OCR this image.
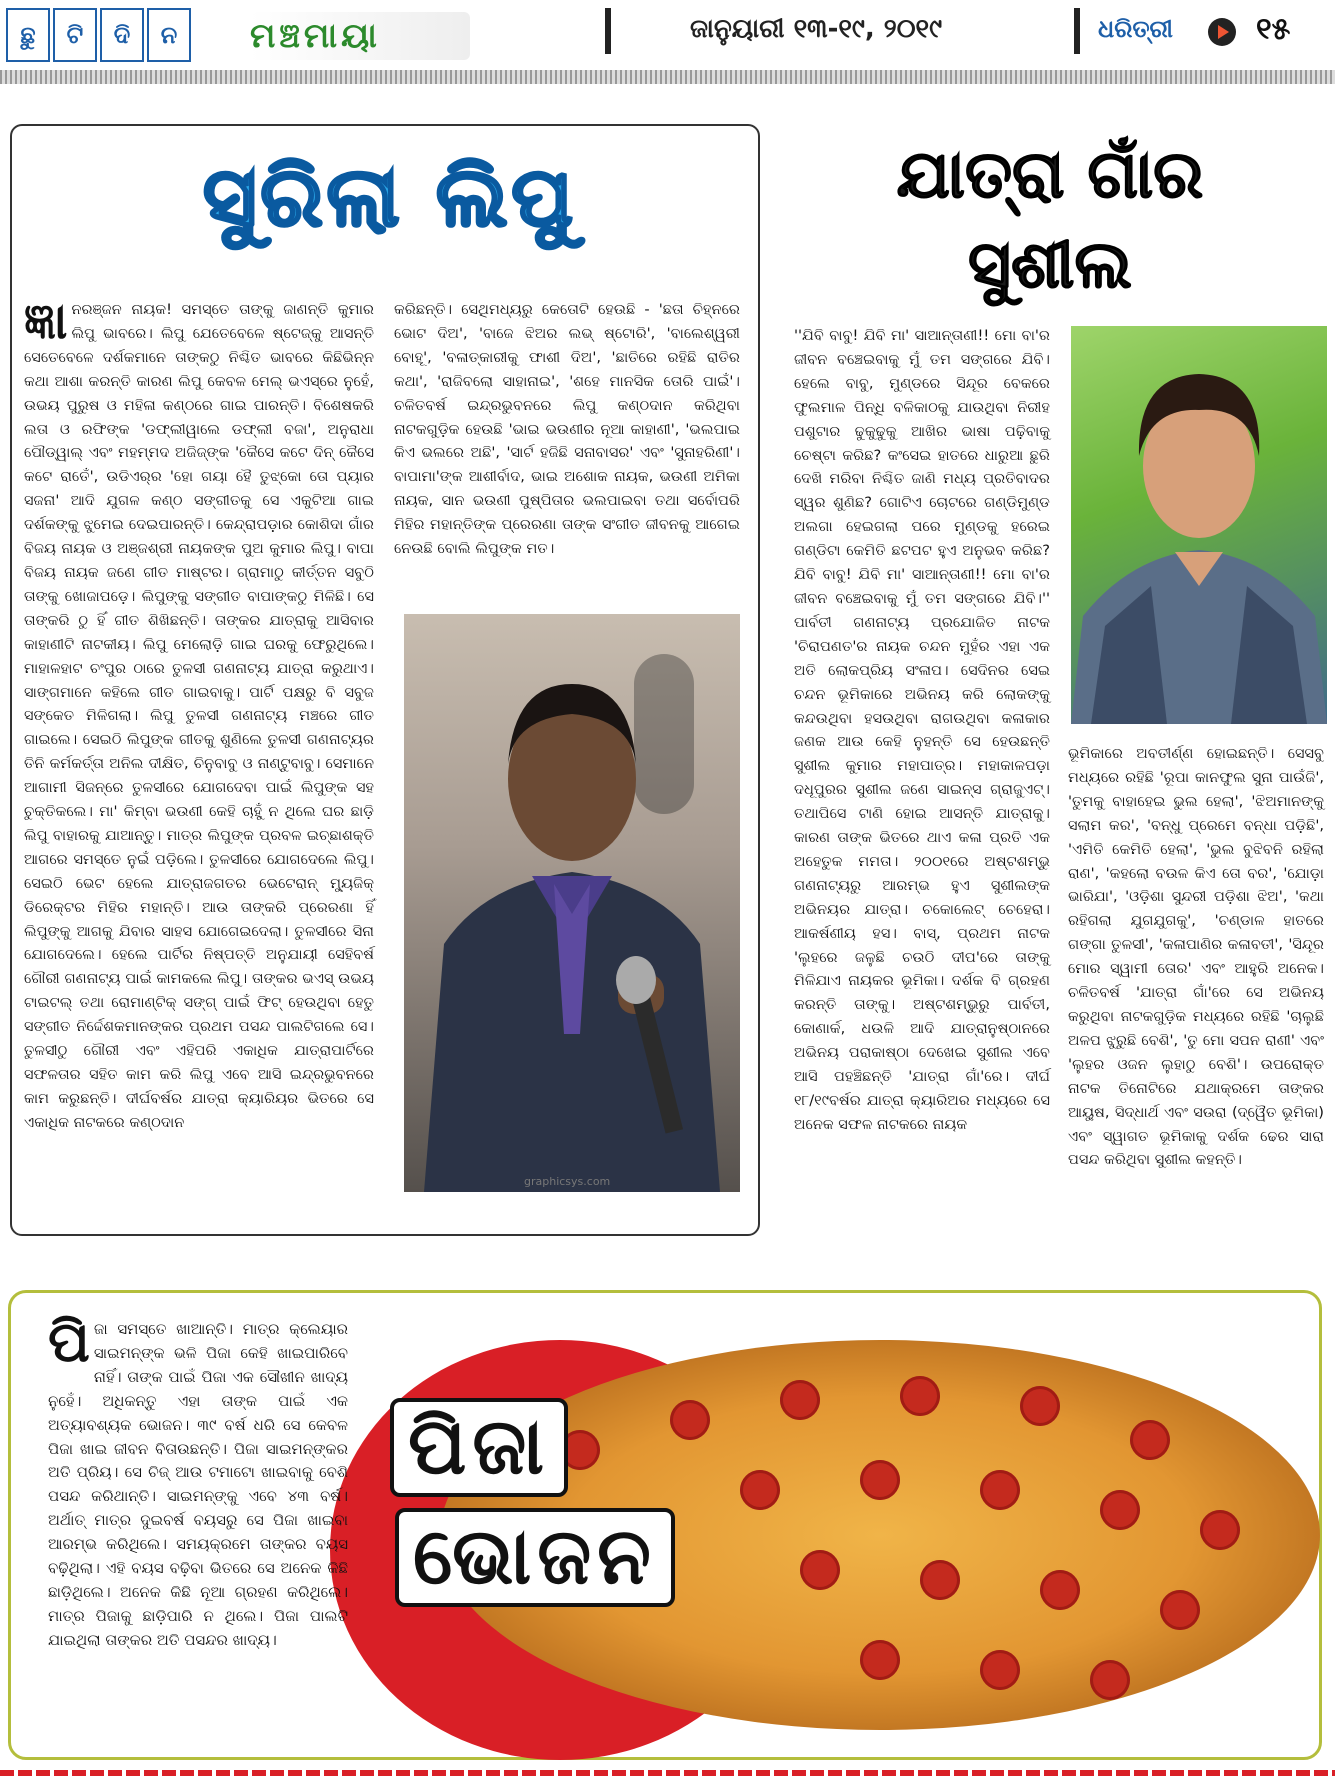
ଛୁ	ଟି	ଦି	ନ	ମଞ୍ଚମାୟା	ଜାନୁୟାରୀ ୧୩-୧୯, ୨୦୧୯	ଧରିତ୍ରୀ	୧୫
ସୁରିଲା ଲିପୁ
ଜ୍ଞା ନରଞ୍ଜନ ନାୟକ! ସମସ୍ତେ ତାଙ୍କୁ ଜାଣନ୍ତି କୁମାର ଲିପୁ ଭାବରେ। ଲିପୁ ଯେତେବେଳେ ଷ୍ଟେଜ୍‌କୁ ଆସନ୍ତି ସେତେବେଳେ ଦର୍ଶକମାନେ ତାଙ୍କଠୁ ନିଶ୍ଚିତ ଭାବରେ କିଛିଭିନ୍ନ କଥା ଆଶା କରନ୍ତି କାରଣ ଲିପୁ କେବଳ ମେଲ୍ ଭଏସ୍‌ରେ ନୁହେଁ, ଉଭୟ ପୁରୁଷ ଓ ମହିଳା କଣ୍ଠରେ ଗାଇ ପାରନ୍ତି। ବିଶେଷକରି ଲତା ଓ ରଫିଙ୍କ 'ଡଫ୍‌ଲୀୱାଲେ ଡଫ୍‌ଲୀ ବଜା', ଅନୁରାଧା ପୌଡ୍‌ୱାଲ୍ ଏବଂ ମହମ୍ମଦ ଅଜିଜ୍‌ଙ୍କ 'କୈସେ କଟେ ଦିନ୍ କୈସେ କଟେ ରାତେଁ', ଉଡିଏର୍‌ର 'ହୋ ଗୟା ହୈ ତୁଝ୍‌କୋ ତୋ ପ୍ୟାର ସଜନା' ଆଦି ଯୁଗଳ କଣ୍ଠ ସଙ୍ଗୀତକୁ ସେ ଏକୁଟିଆ ଗାଇ ଦର୍ଶକଙ୍କୁ ଝୁମେଇ ଦେଇପାରନ୍ତି। କେନ୍ଦ୍ରାପଡ଼ାର କୋଶିଦା ଗାଁର ବିଜୟ ନାୟକ ଓ ଅଞ୍ଜଶ୍ରୀ ନାୟକଙ୍କ ପୁଅ କୁମାର ଲିପୁ। ବାପା ବିଜୟ ନାୟକ ଜଣେ ଗୀତ ମାଷ୍ଟର। ଗ୍ରାମାଠୁ କୀର୍ତ୍ତନ ସବୁଠି ତାଙ୍କୁ ଖୋଜାପଡ଼େ। ଲିପୁଙ୍କୁ ସଙ୍ଗୀତ ବାପାଙ୍କଠୁ ମିଳିଛି। ସେ ତାଙ୍କରି ଠୁ ହିଁ ଗୀତ ଶିଖିଛନ୍ତି। ତାଙ୍କର ଯାତ୍ରାକୁ ଆସିବାର କାହାଣୀଟି ନାଟକୀୟ। ଲିପୁ ମେଲୋଡ଼ି ଗାଇ ଘରକୁ ଫେରୁଥିଲେ। ମାହାଳହାଟ ଚଂପୁର ଠାରେ ତୁଳସୀ ଗଣନାଟ୍ୟ ଯାତ୍ରା କରୁଥାଏ। ସାଙ୍ଗମାନେ କହିଲେ ଗୀତ ଗାଇବାକୁ। ପାର୍ଟି ପକ୍ଷରୁ ବି ସବୁଜ ସଙ୍କେତ ମିଳିଗଲା। ଲିପୁ ତୁଳସୀ ଗଣନାଟ୍ୟ ମଞ୍ଚରେ ଗୀତ ଗାଇଲେ। ସେଇଠି ଲିପୁଙ୍କ ଗୀତକୁ ଶୁଣିଲେ ତୁଳସୀ ଗଣନାଟ୍ୟର ତିନି କର୍ମକର୍ତ୍ତା ଅନିଲ ଦୀକ୍ଷିତ, ଚିନୁବାବୁ ଓ ନାଣ୍ଟୁବାବୁ। ସେମାନେ ଆଗାମୀ ସିଜନ୍‌ରେ ତୁଳସୀରେ ଯୋଗଦେବା ପାଇଁ ଲିପୁଙ୍କ ସହ ଚୁକ୍ତିକଲେ। ମା' କିମ୍ବା ଭଉଣୀ କେହି ଚାହୁଁ ନ ଥିଲେ ଘର ଛାଡ଼ି ଲିପୁ ବାହାରକୁ ଯାଆନ୍ତୁ। ମାତ୍ର ଲିପୁଙ୍କ ପ୍ରବଳ ଇଚ୍ଛାଶକ୍ତି ଆଗରେ ସମସ୍ତେ ନୁଇଁ ପଡ଼ିଲେ। ତୁଳସୀରେ ଯୋଗଦେଲେ ଲିପୁ। ସେଇଠି ଭେଟ ହେଲେ ଯାତ୍ରାଜଗତର ଭେଟେରାନ୍ ମ୍ୟୁଜିକ୍ ଡିରେକ୍ଟର ମିହିର ମହାନ୍ତି। ଆଉ ତାଙ୍କରି ପ୍ରେରଣା ହିଁ ଲିପୁଙ୍କୁ ଆଗକୁ ଯିବାର ସାହସ ଯୋଗେଇଦେଲା। ତୁଳସୀରେ ସିନା ଯୋଗଦେଲେ। ହେଲେ ପାର୍ଟିର ନିଷ୍ପତ୍ତି ଅନୁଯାୟୀ ସେହିବର୍ଷ ଗୌରୀ ଗଣନାଟ୍ୟ ପାଇଁ କାମକଲେ ଲିପୁ। ତାଙ୍କର ଭଏସ୍ ଉଭୟ ଟାଇଟଲ୍ ତଥା ରୋମାଣ୍ଟିକ୍ ସଙ୍ଗ୍ ପାଇଁ ଫିଟ୍ ହେଉଥିବା ହେତୁ ସଙ୍ଗୀତ ନିର୍ଦ୍ଦେଶକମାନଙ୍କର ପ୍ରଥମ ପସନ୍ଦ ପାଲଟିଗଲେ ସେ। ତୁଳସୀଠୁ ଗୌରୀ ଏବଂ ଏହିପରି ଏକାଧିକ ଯାତ୍ରାପାର୍ଟିରେ ସଫଳତାର ସହିତ କାମ କରି ଲିପୁ ଏବେ ଆସି ଇନ୍ଦ୍ରଭୁବନରେ କାମ କରୁଛନ୍ତି। ଦୀର୍ଘବର୍ଷର ଯାତ୍ରା କ୍ୟାରିୟର ଭିତରେ ସେ ଏକାଧିକ ନାଟକରେ କଣ୍ଠଦାନ
କରିଛନ୍ତି। ସେଥିମଧ୍ୟରୁ କେତୋଟି ହେଉଛି - 'ଛତା ଚିହ୍ନରେ ଭୋଟ ଦିଅ', 'ବାଜେ ଝିଅର ଲଭ୍ ଷ୍ଟୋରି', 'ବାଲେଶ୍ୱରୀ ବୋହୂ', 'ବଳାତ୍କାରୀକୁ ଫାଶୀ ଦିଅ', 'ଛାତିରେ ରହିଛି ରାତିର କଥା', 'ରାଜିବଲୋ ସାହାନାଇ', 'ଶହେ ମାନସିକ ତୋରି ପାଇଁ'। ଚଳିତବର୍ଷ ଇନ୍ଦ୍ରଭୁବନରେ ଲିପୁ କଣ୍ଠଦାନ କରିଥିବା ନାଟକଗୁଡ଼ିକ ହେଉଛି 'ଭାଇ ଭଉଣୀର ନୂଆ କାହାଣୀ', 'ଭଲପାଇ କିଏ ଭଲରେ ଅଛି', 'ସାର୍ଟ ହଜିଛି ସନାବାସର' ଏବଂ 'ସୁନାହରିଣୀ'। ବାପାମା'ଙ୍କ ଆଶୀର୍ବାଦ, ଭାଇ ଅଶୋକ ନାୟକ, ଭଉଣୀ ଅମିକା ନାୟକ, ସାନ ଭଉଣୀ ପୁଷ୍ପିତାର ଭଲପାଇବା ତଥା ସର୍ବୋପରି ମିହିର ମହାନ୍ତିଙ୍କ ପ୍ରେରଣା ତାଙ୍କ ସଂଗୀତ ଜୀବନକୁ ଆଗେଇ ନେଉଛି ବୋଲି ଲିପୁଙ୍କ ମତ।
graphicsys.com
ଯାତ୍ରା ଗାଁର
ସୁଶୀଲ
''ଯିବି ବାବୁ! ଯିବି ମା' ସାଆନ୍ତାଣୀ!! ମୋ ବା'ର ଜୀବନ ବଞ୍ଚେଇବାକୁ ମୁଁ ତମ ସଙ୍ଗରେ ଯିବି। ହେଲେ ବାବୁ, ମୁଣ୍ଡରେ ସିନ୍ଦୂର ବେକରେ ଫୁଲମାଳ ପିନ୍ଧି ବଳିକାଠକୁ ଯାଉଥିବା ନିରୀହ ପଶୁଟାର ଢୁକୁଢୁକୁ ଆଖିର ଭାଷା ପଢ଼ିବାକୁ ଚେଷ୍ଟା କରିଛ? କଂସେଇ ହାତରେ ଧାରୁଆ ଛୁରି ଦେଖି ମରିବା ନିଶ୍ଚିତ ଜାଣି ମଧ୍ୟ ପ୍ରତିବାଦର ସ୍ୱର ଶୁଣିଛ? ଗୋଟିଏ ଚୋଟରେ ଗଣ୍ଡିମୁଣ୍ଡ ଅଲଗା ହେଇଗଲା ପରେ ମୁଣ୍ଡକୁ ହରେଇ ଗଣ୍ଡିଟା କେମିତି ଛଟପଟ ହୁଏ ଅନୁଭବ କରିଛ? ଯିବି ବାବୁ! ଯିବି ମା' ସାଆନ୍ତାଣୀ!! ମୋ ବା'ର ଜୀବନ ବଞ୍ଚେଇବାକୁ ମୁଁ ତମ ସଙ୍ଗରେ ଯିବି।'' ପାର୍ବତୀ ଗଣନାଟ୍ୟ ପ୍ରଯୋଜିତ ନାଟକ 'ଚିରାପଣତ'ର ନାୟକ ଚନ୍ଦନ ମୁହଁର ଏହା ଏକ ଅତି ଲୋକପ୍ରିୟ ସଂଳାପ। ସେଦିନର ସେଇ ଚନ୍ଦନ ଭୂମିକାରେ ଅଭିନୟ କରି ଲୋକଙ୍କୁ କନ୍ଦଉଥିବା ହସଉଥିବା ରାଗଉଥିବା କଳାକାର ଜଣକ ଆଉ କେହି ନୁହନ୍ତି ସେ ହେଉଛନ୍ତି ସୁଶୀଲ କୁମାର ମହାପାତ୍ର। ମହାକାଳପଡ଼ା ଦଧୂପୁରର ସୁଶୀଲ ଜଣେ ସାଇନ୍ସ ଗ୍ରାଜୁଏଟ୍। ତଥାପିସେ ଟାଣି ହୋଇ ଆସନ୍ତି ଯାତ୍ରାକୁ। କାରଣ ତାଙ୍କ ଭିତରେ ଥାଏ କଳା ପ୍ରତି ଏକ ଅହେତୁକ ମମତା। ୨୦୦୧ରେ ଅଷ୍ଟଶମ୍ଭୁ ଗଣନାଟ୍ୟରୁ ଆରମ୍ଭ ହୁଏ ସୁଶୀଲଙ୍କ ଅଭିନୟର ଯାତ୍ରା। ଚକୋଲେଟ୍ ଚେହେରା। ଆକର୍ଷଣୀୟ ହସ। ବାସ୍, ପ୍ରଥମ ନାଟକ 'ଲୁହରେ ଜଳୁଛି ଚଉଠି ଦୀପ'ରେ ତାଙ୍କୁ ମିଳିଯାଏ ନାୟକର ଭୂମିକା। ଦର୍ଶକ ବି ଗ୍ରହଣ କରନ୍ତି ତାଙ୍କୁ। ଅଷ୍ଟଶମ୍ଭୁରୁ ପାର୍ବତୀ, କୋଣାର୍କ, ଧଉଳି ଆଦି ଯାତ୍ରାନୁଷ୍ଠାନରେ ଅଭିନୟ ପରାକାଷ୍ଠା ଦେଖେଇ ସୁଶୀଲ ଏବେ ଆସି ପହଞ୍ଚିଛନ୍ତି 'ଯାତ୍ରା ଗାଁ'ରେ। ଦୀର୍ଘ ୧୮/୧୯ବର୍ଷର ଯାତ୍ରା କ୍ୟାରିଅର ମଧ୍ୟରେ ସେ ଅନେକ ସଫଳ ନାଟକରେ ନାୟକ
ଭୂମିକାରେ ଅବତୀର୍ଣ୍ଣ ହୋଇଛନ୍ତି। ସେସବୁ ମଧ୍ୟରେ ରହିଛି 'ରୂପା କାନଫୁଲ ସୁନା ପାଉଁଜି', 'ତୁମକୁ ବାହାହେଇ ଭୁଲ ହେଲା', 'ଝିଅମାନଙ୍କୁ ସଲାମ କର', 'ବନ୍ଧୁ ପ୍ରେମେ ବନ୍ଧା ପଡ଼ିଛି', 'ଏମିତି କେମିତି ହେଲା', 'ଭୁଲ ବୁଝିବନି ରହିଲା ରାଣ', 'କହଲୋ ବଉଳ କିଏ ତୋ ବର', 'ଯୋଡ଼ା ଭାରିଯା', 'ଓଡ଼ିଶା ସୁନ୍ଦରୀ ପଡ଼ିଶା ଝିଅ', 'କଥା ରହିଗଲା ଯୁଗଯୁଗକୁ', 'ଚଣ୍ଡାଳ ହାତରେ ଗଙ୍ଗା ତୁଳସୀ', 'କଳାପାଣିର କଳାବତୀ', 'ସିନ୍ଦୂର ମୋର ସ୍ୱାମୀ ତୋର' ଏବଂ ଆହୁରି ଅନେକ। ଚଳିତବର୍ଷ 'ଯାତ୍ରା ଗାଁ'ରେ ସେ ଅଭିନୟ କରୁଥିବା ନାଟକଗୁଡ଼ିକ ମଧ୍ୟରେ ରହିଛି 'ଚାଲୁଛି ଅଳପ ଝୁରୁଛି ବେଶି', 'ତୁ ମୋ ସପନ ରାଣୀ' ଏବଂ 'ଲୁହର ଓଜନ ଲୁହାଠୁ ବେଶି'। ଉପରୋକ୍ତ ନାଟକ ତିନୋଟିରେ ଯଥାକ୍ରମେ ତାଙ୍କର ଆୟୁଷ, ସିଦ୍ଧାର୍ଥ ଏବଂ ସଉରା (ଦ୍ୱୈତ ଭୂମିକା) ଏବଂ ସ୍ୱାଗତ ଭୂମିକାକୁ ଦର୍ଶକ ଢେର ସାରା ପସନ୍ଦ କରିଥିବା ସୁଶୀଲ କହନ୍ତି।
ପିଜା
ଭୋଜନ
ପିଜା ସମସ୍ତେ ଖାଆନ୍ତି। ମାତ୍ର କ୍ଲେୟାର ସାଇମନ୍‌ଙ୍କ ଭଳି ପିଜା କେହି ଖାଇପାରିବେ ନାହିଁ। ତାଙ୍କ ପାଇଁ ପିଜା ଏକ ସୌଖୀନ ଖାଦ୍ୟ ନୁହେଁ। ଅଧିକନ୍ତୁ ଏହା ତାଙ୍କ ପାଇଁ ଏକ ଅତ୍ୟାବଶ୍ୟକ ଭୋଜନ। ୩୯ ବର୍ଷ ଧରି ସେ କେବଳ ପିଜା ଖାଇ ଜୀବନ ବିତାଉଛନ୍ତି। ପିଜା ସାଇମନ୍‌ଙ୍କର ଅତି ପ୍ରିୟ। ସେ ଚିଜ୍ ଆଉ ଟମାଟୋ ଖାଇବାକୁ ବେଶି ପସନ୍ଦ କରିଥାନ୍ତି। ସାଇମନ୍‌ଙ୍କୁ ଏବେ ୪୩ ବର୍ଷ। ଅର୍ଥାତ୍ ମାତ୍ର ଦୁଇବର୍ଷ ବୟସରୁ ସେ ପିଜା ଖାଇବା ଆରମ୍ଭ କରିଥିଲେ। ସମୟକ୍ରମେ ତାଙ୍କର ବୟସ ବଢ଼ିଥିଲା। ଏହି ବୟସ ବଢ଼ିବା ଭିତରେ ସେ ଅନେକ କିଛି ଛାଡ଼ିଥିଲେ। ଅନେକ କିଛି ନୂଆ ଗ୍ରହଣ କରିଥିଲେ। ମାତ୍ର ପିଜାକୁ ଛାଡ଼ିପାରି ନ ଥିଲେ। ପିଜା ପାଲଟି ଯାଇଥିଲା ତାଙ୍କର ଅତି ପସନ୍ଦର ଖାଦ୍ୟ।
